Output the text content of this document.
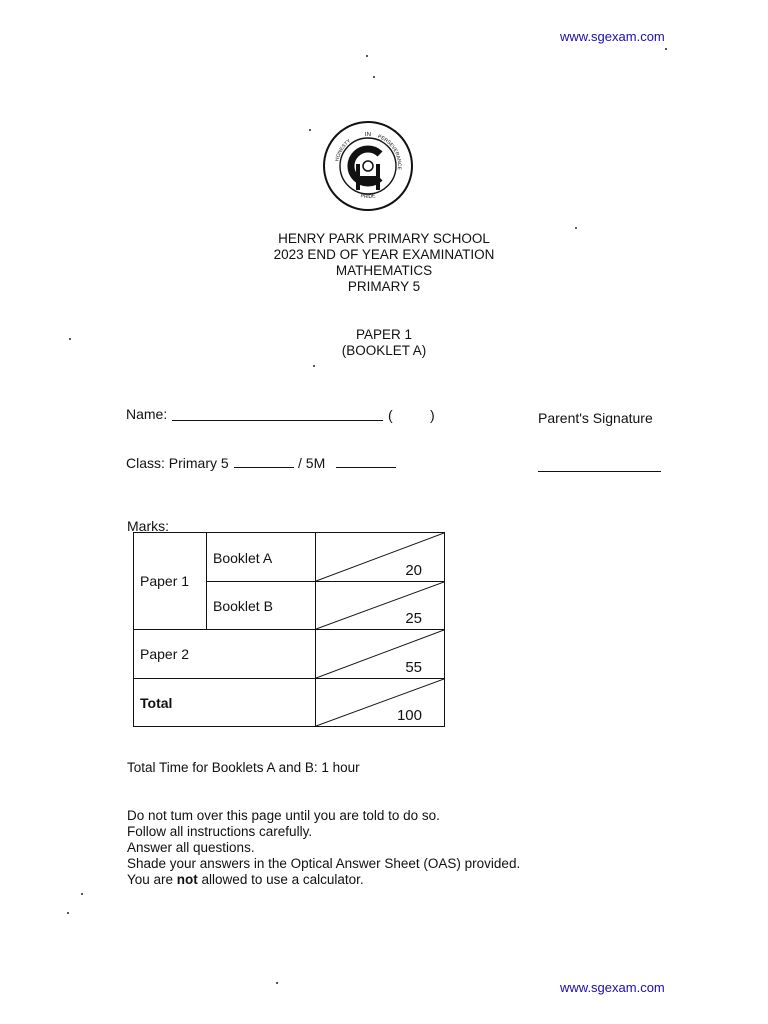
www.sgexam.com
IN	PERSEVERANCE
HONESTY
PRIDE
HENRY PARK PRIMARY SCHOOL
2023 END OF YEAR EXAMINATION
MATHEMATICS
PRIMARY 5
PAPER 1
(BOOKLET A)
Name:	(	)	Parent's Signature
Class: Primary 5	/ 5M
Marks:
Paper 1	Booklet A	20

	Booklet B	25

Paper 2		55

Total		100
Total Time for Booklets A and B: 1 hour
Do not tum over this page until you are told to do so.
Follow all instructions carefully.
Answer all questions.
Shade your answers in the Optical Answer Sheet (OAS) provided.
You are not allowed to use a calculator.
www.sgexam.com
